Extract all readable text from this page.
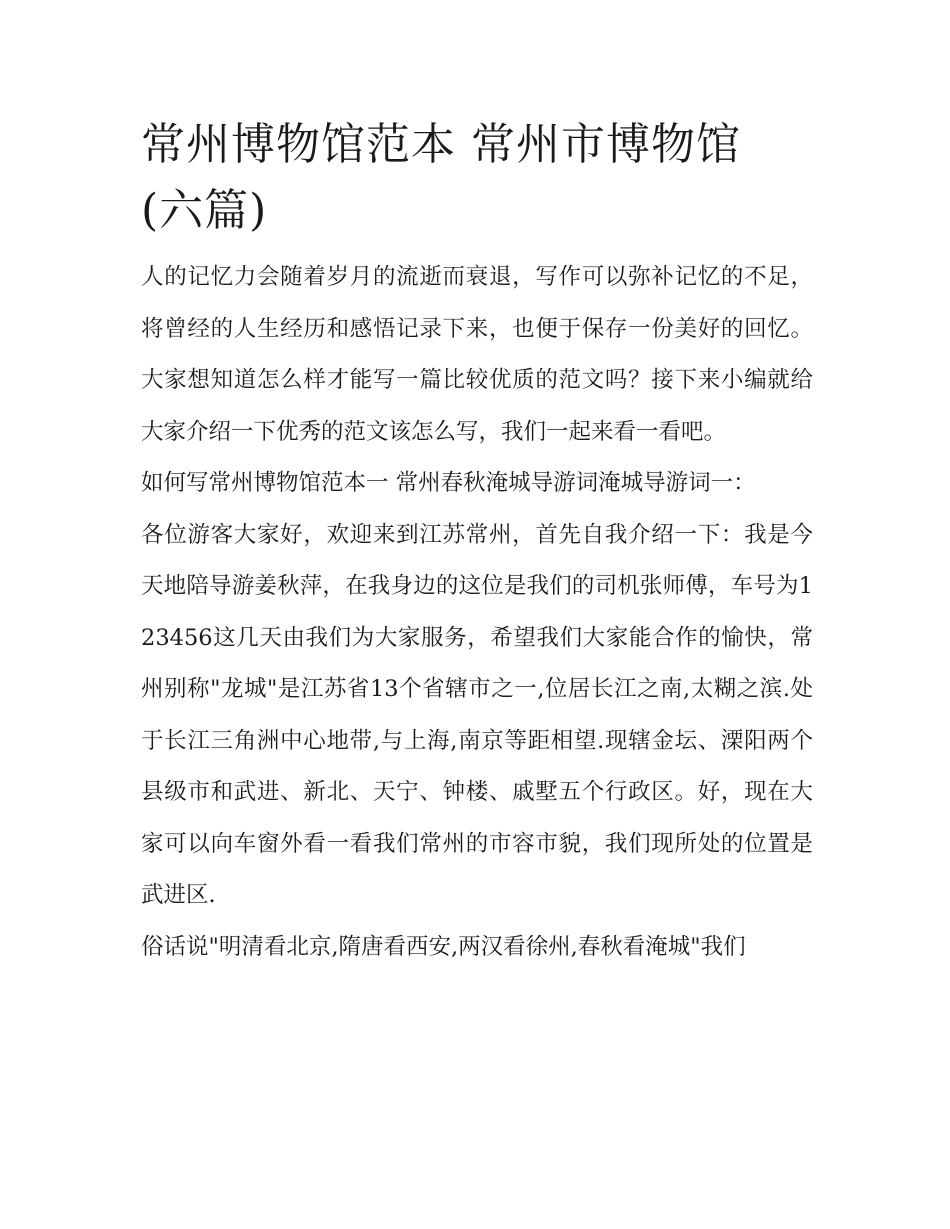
常州博物馆范本 常州市博物馆
(六篇)

人的记忆力会随着岁月的流逝而衰退，写作可以弥补记忆的不足，将曾经的人生经历和感悟记录下来，也便于保存一份美好的回忆。大家想知道怎么样才能写一篇比较优质的范文吗？接下来小编就给大家介绍一下优秀的范文该怎么写，我们一起来看一看吧。

如何写常州博物馆范本一 常州春秋淹城导游词淹城导游词一：

各位游客大家好，欢迎来到江苏常州，首先自我介绍一下：我是今天地陪导游姜秋萍，在我身边的这位是我们的司机张师傅，车号为123456这几天由我们为大家服务，希望我们大家能合作的愉快，常州别称"龙城"是江苏省13个省辖市之一,位居长江之南,太糊之滨.处于长江三角洲中心地带,与上海,南京等距相望.现辖金坛、溧阳两个县级市和武进、新北、天宁、钟楼、戚墅五个行政区。好，现在大家可以向车窗外看一看我们常州的市容市貌，我们现所处的位置是武进区.

俗话说"明清看北京,隋唐看西安,两汉看徐州,春秋看淹城"我们
